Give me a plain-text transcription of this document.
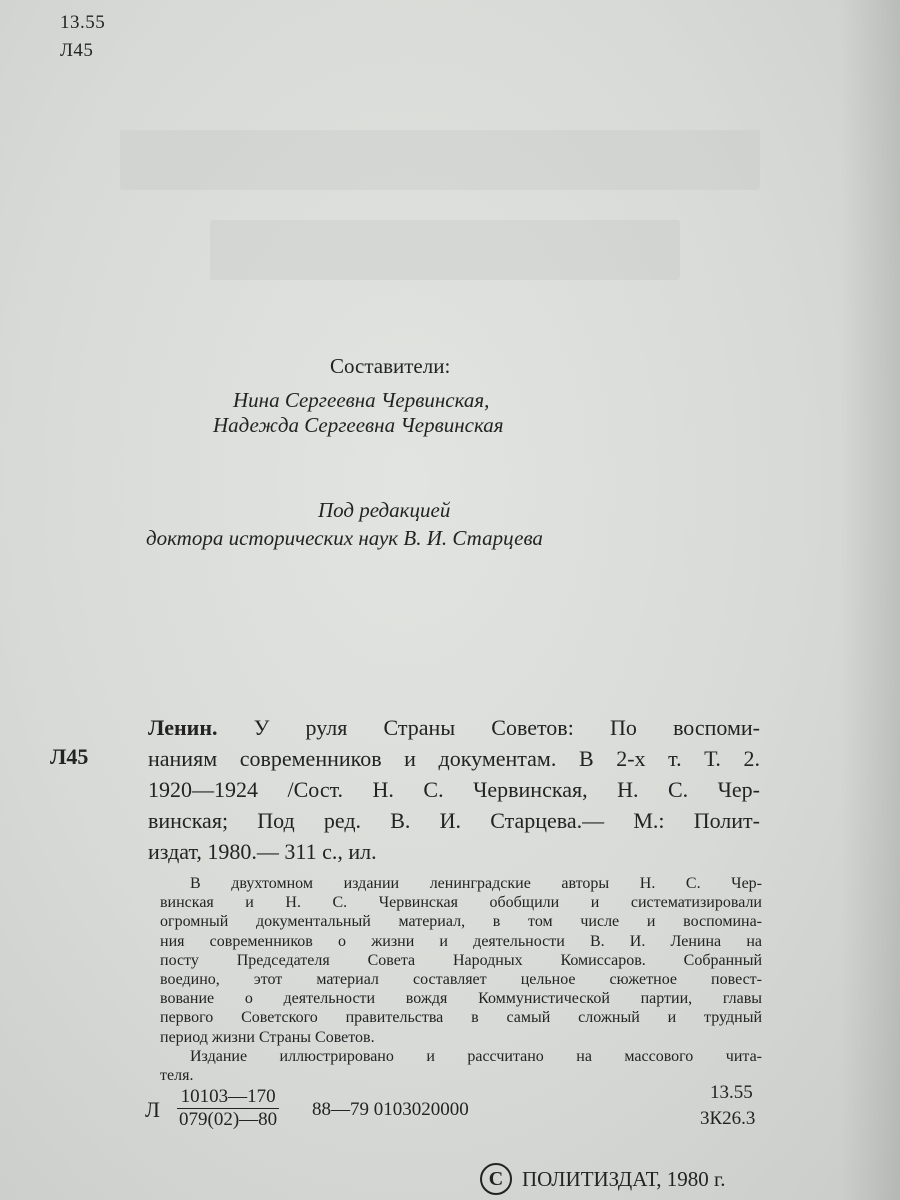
13.55
Л45
Составители:
Нина Сергеевна Червинская,
Надежда Сергеевна Червинская
Под редакцией
доктора исторических наук В. И. Старцева
Л45
Ленин. У руля Страны Советов: По воспоми-
наниям современников и документам. В 2-х т. Т. 2.
1920—1924 /Сост. Н. С. Червинская, Н. С. Чер-
винская; Под ред. В. И. Старцева.— М.: Полит-
издат, 1980.— 311 с., ил.
В двухтомном издании ленинградские авторы Н. С. Чер-
винская и Н. С. Червинская обобщили и систематизировали
огромный документальный материал, в том числе и воспомина-
ния современников о жизни и деятельности В. И. Ленина на
посту Председателя Совета Народных Комиссаров. Собранный
воедино, этот материал составляет цельное сюжетное повест-
вование о деятельности вождя Коммунистической партии, главы
первого Советского правительства в самый сложный и трудный
период жизни Страны Советов.
Издание иллюстрировано и рассчитано на массового чита-
теля.
Л $\frac{10103—170}{079(02)—80}$ 88—79 0103020000
13.55
3К26.3
C ПОЛИТИЗДАТ, 1980 г.
